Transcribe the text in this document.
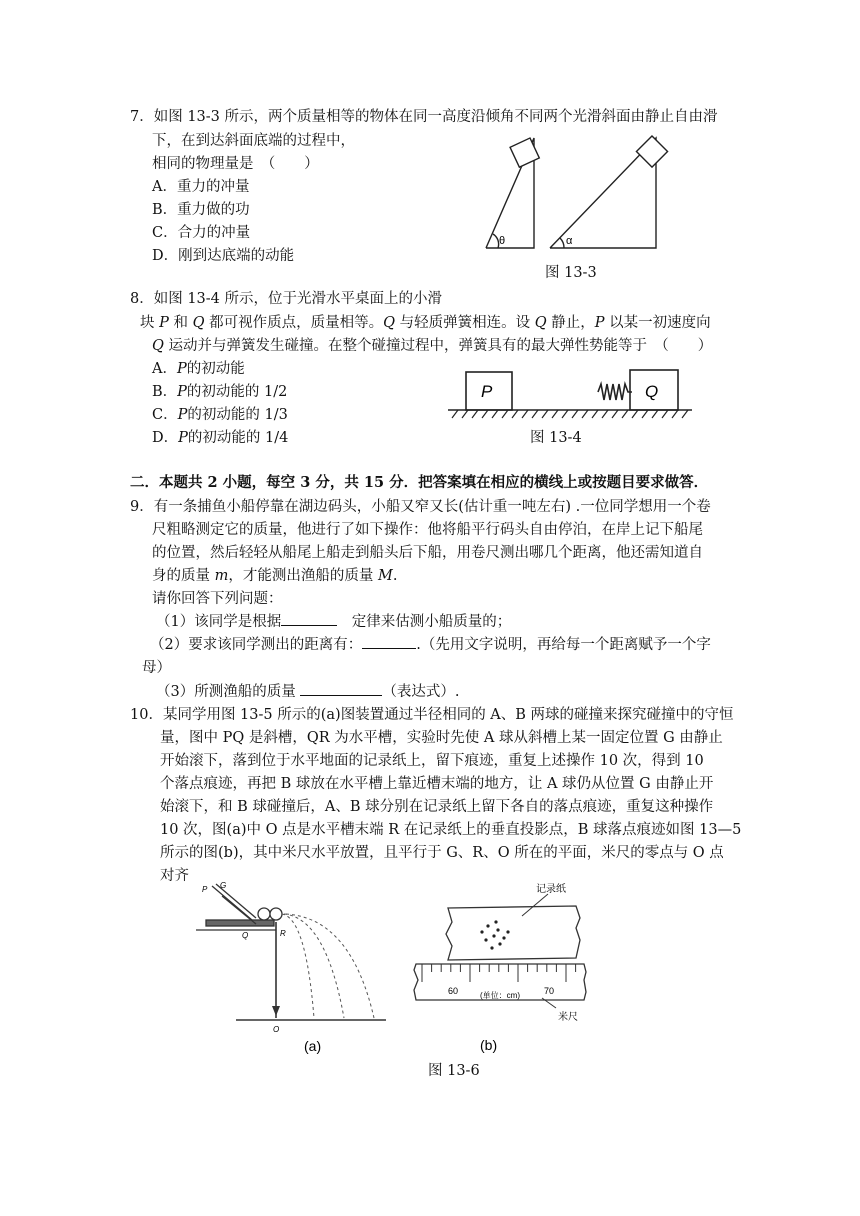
7．如图 13-3 所示，两个质量相等的物体在同一高度沿倾角不同两个光滑斜面由静止自由滑
下，在到达斜面底端的过程中，
相同的物理量是　（　　）
A．重力的冲量
B．重力做的功
C．合力的冲量
D．刚到达底端的动能
θ	α
图 13-3
8．如图 13-4 所示，位于光滑水平桌面上的小滑
块 P 和 Q 都可视作质点，质量相等。Q 与轻质弹簧相连。设 Q 静止，P 以某一初速度向
Q 运动并与弹簧发生碰撞。在整个碰撞过程中，弹簧具有的最大弹性势能等于　（　　）
A．P的初动能
B．P的初动能的 1/2
C．P的初动能的 1/3
D．P的初动能的 1/4
P	Q
图 13-4
二．本题共 2 小题，每空 3 分，共 15 分．把答案填在相应的横线上或按题目要求做答．
9．有一条捕鱼小船停靠在湖边码头，小船又窄又长(估计重一吨左右) .一位同学想用一个卷
尺粗略测定它的质量，他进行了如下操作：他将船平行码头自由停泊，在岸上记下船尾
的位置，然后轻轻从船尾上船走到船头后下船，用卷尺测出哪几个距离，他还需知道自
身的质量 m，才能测出渔船的质量 M.
请你回答下列问题：
（1）该同学是根据	　定律来估测小船质量的；
（2）要求该同学测出的距离有：	.（先用文字说明，再给每一个距离赋予一个字
母）
（3）所测渔船的质量	（表达式）.
10．某同学用图 13-5 所示的(a)图装置通过半径相同的 A、B 两球的碰撞来探究碰撞中的守恒
量，图中 PQ 是斜槽，QR 为水平槽，实验时先使 A 球从斜槽上某一固定位置 G 由静止
开始滚下，落到位于水平地面的记录纸上，留下痕迹，重复上述操作 10 次，得到 10
个落点痕迹，再把 B 球放在水平槽上靠近槽末端的地方，让 A 球仍从位置 G 由静止开
始滚下，和 B 球碰撞后，A、B 球分别在记录纸上留下各自的落点痕迹，重复这种操作
10 次，图(a)中 O 点是水平槽末端 R 在记录纸上的垂直投影点，B 球落点痕迹如图 13—5
所示的图(b)，其中米尺水平放置，且平行于 G、R、O 所在的平面，米尺的零点与 O 点
对齐
P G
Q	R
O
(a)
记录纸
60	70
(单位：cm)
米尺
(b)
图 13-6
